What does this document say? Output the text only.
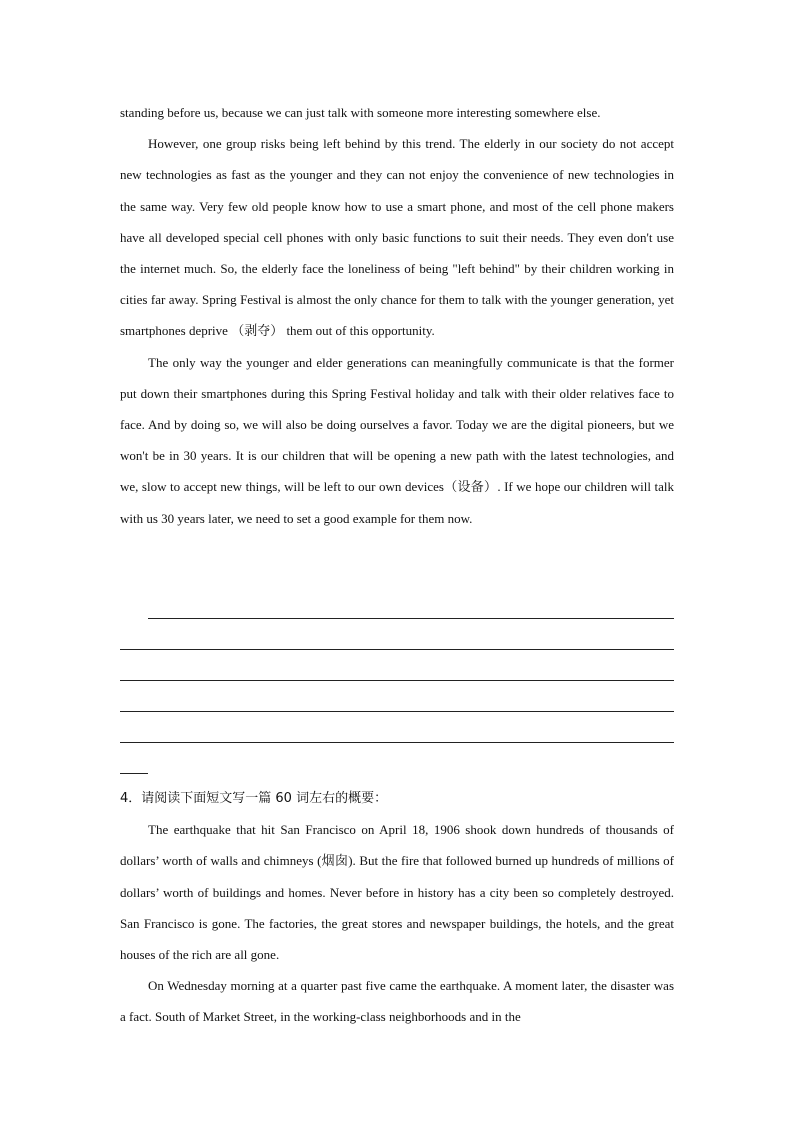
standing before us, because we can just talk with someone more interesting somewhere else.

However, one group risks being left behind by this trend. The elderly in our society do not accept new technologies as fast as the younger and they can not enjoy the convenience of new technologies in the same way. Very few old people know how to use a smart phone, and most of the cell phone makers have all developed special cell phones with only basic functions to suit their needs. They even don't use the internet much. So, the elderly face the loneliness of being "left behind" by their children working in cities far away. Spring Festival is almost the only chance for them to talk with the younger generation, yet smartphones deprive （剥夺） them out of this opportunity.

The only way the younger and elder generations can meaningfully communicate is that the former put down their smartphones during this Spring Festival holiday and talk with their older relatives face to face. And by doing so, we will also be doing ourselves a favor. Today we are the digital pioneers, but we won't be in 30 years. It is our children that will be opening a new path with the latest technologies, and we, slow to accept new things, will be left to our own devices（设备）. If we hope our children will talk with us 30 years later, we need to set a good example for them now.

4．请阅读下面短文写一篇 60 词左右的概要：

The earthquake that hit San Francisco on April 18, 1906 shook down hundreds of thousands of dollars’ worth of walls and chimneys (烟囱). But the fire that followed burned up hundreds of millions of dollars’ worth of buildings and homes. Never before in history has a city been so completely destroyed. San Francisco is gone. The factories, the great stores and newspaper buildings, the hotels, and the great houses of the rich are all gone.

On Wednesday morning at a quarter past five came the earthquake. A moment later, the disaster was a fact. South of Market Street, in the working-class neighborhoods and in the
